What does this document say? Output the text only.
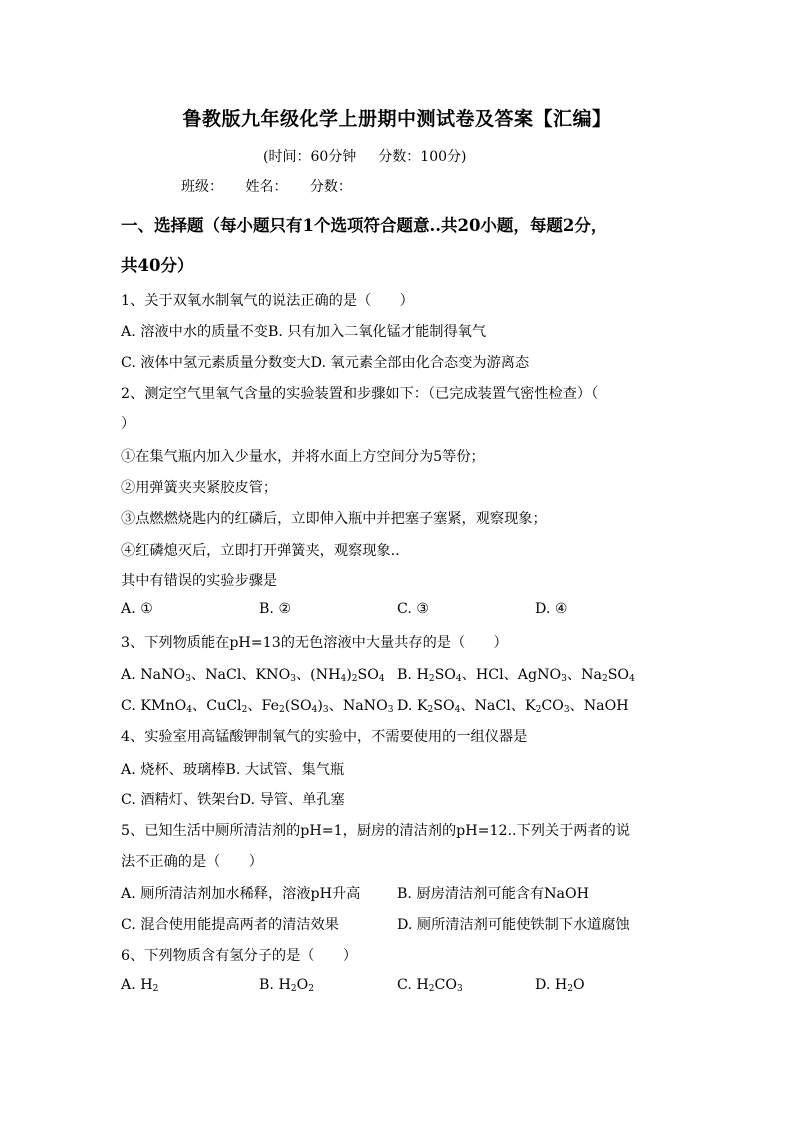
鲁教版九年级化学上册期中测试卷及答案【汇编】
(时间：60分钟 分数：100分)
班级： 姓名： 分数：
一、选择题（每小题只有1个选项符合题意..共20小题，每题2分，
共40分）
1、关于双氧水制氧气的说法正确的是（　　）
A. 溶液中水的质量不变B. 只有加入二氧化锰才能制得氧气
C. 液体中氢元素质量分数变大D. 氧元素全部由化合态变为游离态
2、测定空气里氧气含量的实验装置和步骤如下：（已完成装置气密性检查）（
）
①在集气瓶内加入少量水，并将水面上方空间分为5等份；
②用弹簧夹夹紧胶皮管；
③点燃燃烧匙内的红磷后，立即伸入瓶中并把塞子塞紧，观察现象；
④红磷熄灭后，立即打开弹簧夹，观察现象..
其中有错误的实验步骤是
A. ①	B. ②	C. ③	D. ④
3、下列物质能在pH=13的无色溶液中大量共存的是（　　）
A. NaNO$_3$、NaCl、$KNO_3$、$(NH_4)_2SO_4$ B. $H_2SO_4$、HCl、AgNO$_3$、$Na_2SO_4$
C. KMnO$_4$、CuCl$_2$、$Fe_2(SO_4)_3$、NaNO$_3$ D. $K_2SO_4$、NaCl、$K_2CO_3$、NaOH
4、实验室用高锰酸钾制氧气的实验中，不需要使用的一组仪器是
A. 烧杯、玻璃棒B. 大试管、集气瓶
C. 酒精灯、铁架台D. 导管、单孔塞
5、已知生活中厕所清洁剂的pH=1，厨房的清洁剂的pH=12..下列关于两者的说
法不正确的是（　　）
A. 厕所清洁剂加水稀释，溶液pH升高	B. 厨房清洁剂可能含有NaOH
C. 混合使用能提高两者的清洁效果	D. 厕所清洁剂可能使铁制下水道腐蚀
6、下列物质含有氢分子的是（　　）
A. $H_2$	B. $H_2O_2$	C. $H_2CO_3$	D. $H_2O$
